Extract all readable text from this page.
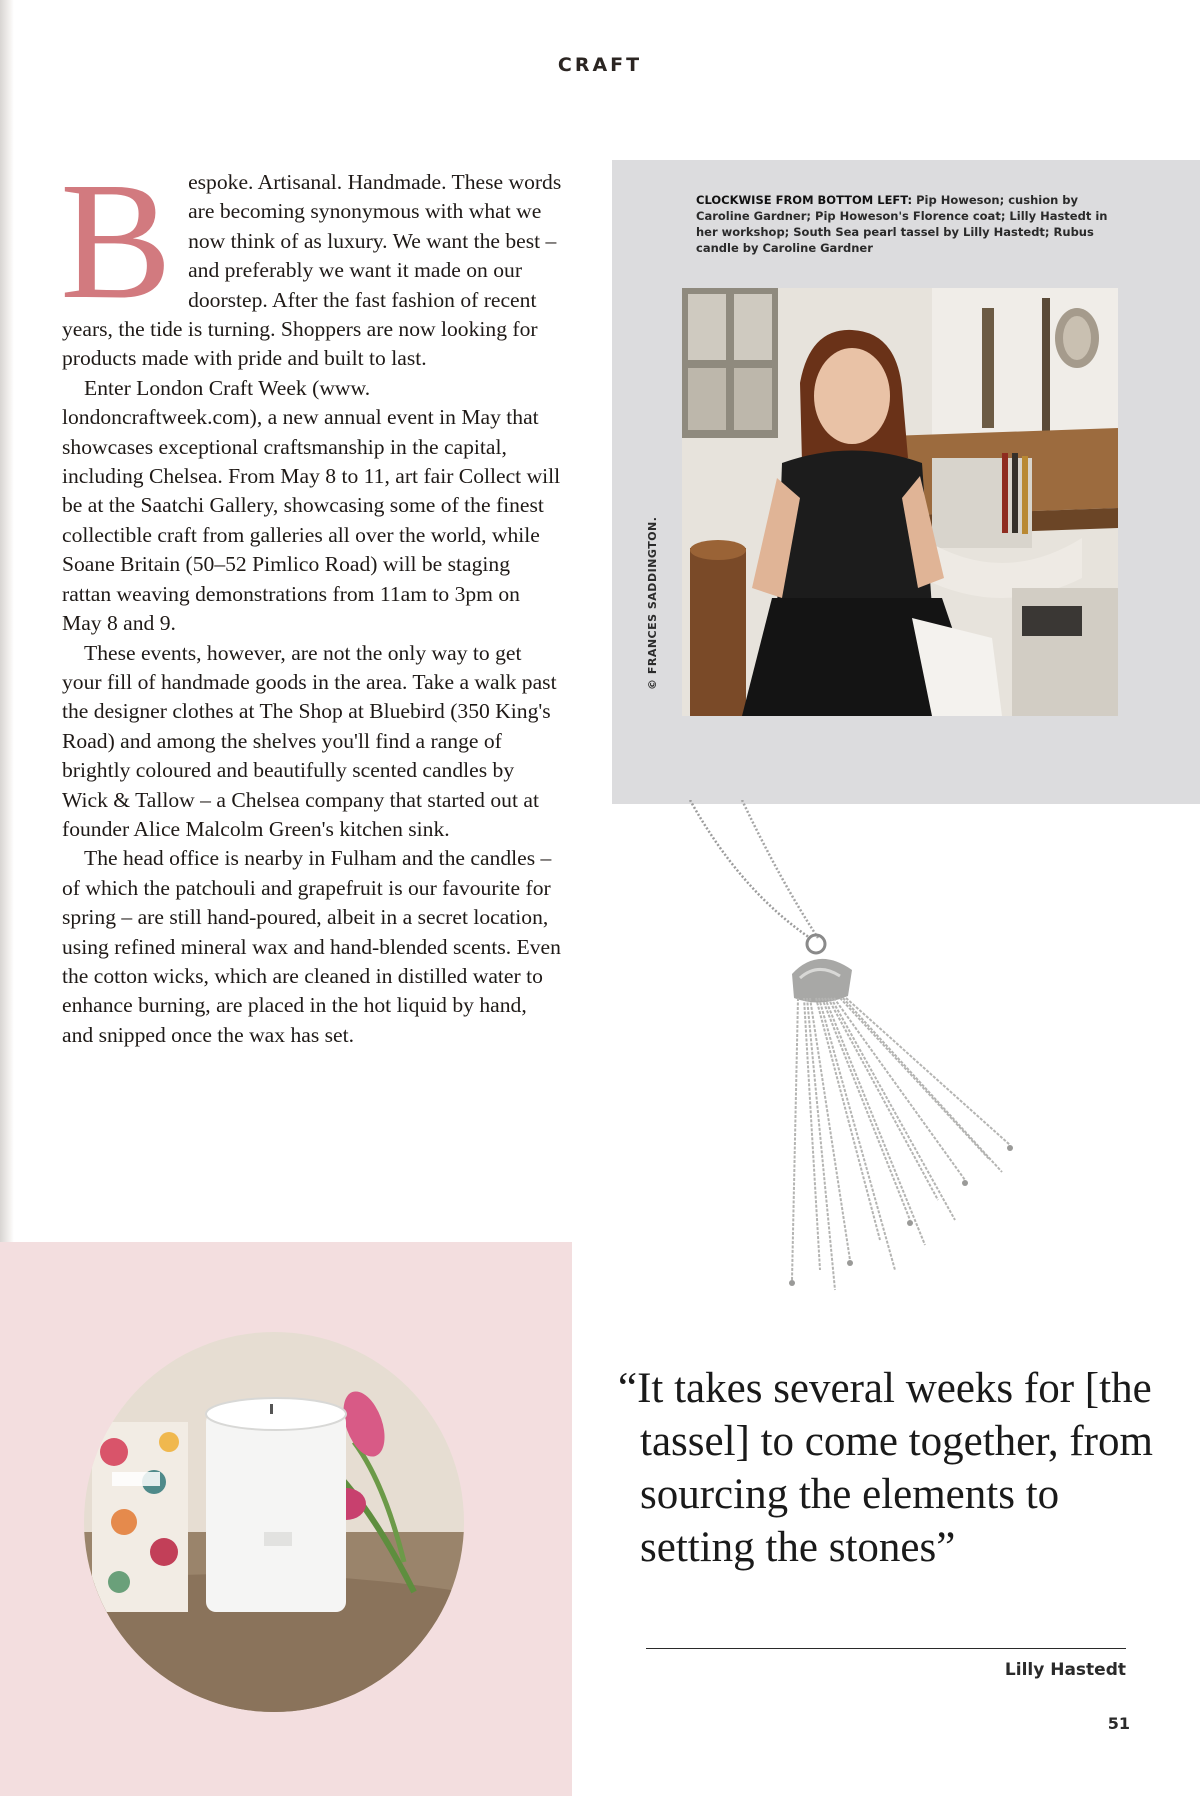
CRAFT

Bespoke. Artisanal. Handmade. These words are becoming synonymous with what we now think of as luxury. We want the best – and preferably we want it made on our doorstep. After the fast fashion of recent years, the tide is turning. Shoppers are now looking for products made with pride and built to last.

Enter London Craft Week (www. londoncraftweek.com), a new annual event in May that showcases exceptional craftsmanship in the capital, including Chelsea. From May 8 to 11, art fair Collect will be at the Saatchi Gallery, showcasing some of the finest collectible craft from galleries all over the world, while Soane Britain (50–52 Pimlico Road) will be staging rattan weaving demonstrations from 11am to 3pm on May 8 and 9.

These events, however, are not the only way to get your fill of handmade goods in the area. Take a walk past the designer clothes at The Shop at Bluebird (350 King's Road) and among the shelves you'll find a range of brightly coloured and beautifully scented candles by Wick & Tallow – a Chelsea company that started out at founder Alice Malcolm Green's kitchen sink.

The head office is nearby in Fulham and the candles – of which the patchouli and grapefruit is our favourite for spring – are still hand-poured, albeit in a secret location, using refined mineral wax and hand-blended scents. Even the cotton wicks, which are cleaned in distilled water to enhance burning, are placed in the hot liquid by hand, and snipped once the wax has set.

CLOCKWISE FROM BOTTOM LEFT: Pip Howeson; cushion by Caroline Gardner; Pip Howeson's Florence coat; Lilly Hastedt in her workshop; South Sea pearl tassel by Lilly Hastedt; Rubus candle by Caroline Gardner
© FRANCES SADDINGTON.
“It takes several weeks for [the tassel] to come together, from sourcing the elements to setting the stones”
Lilly Hastedt
51
